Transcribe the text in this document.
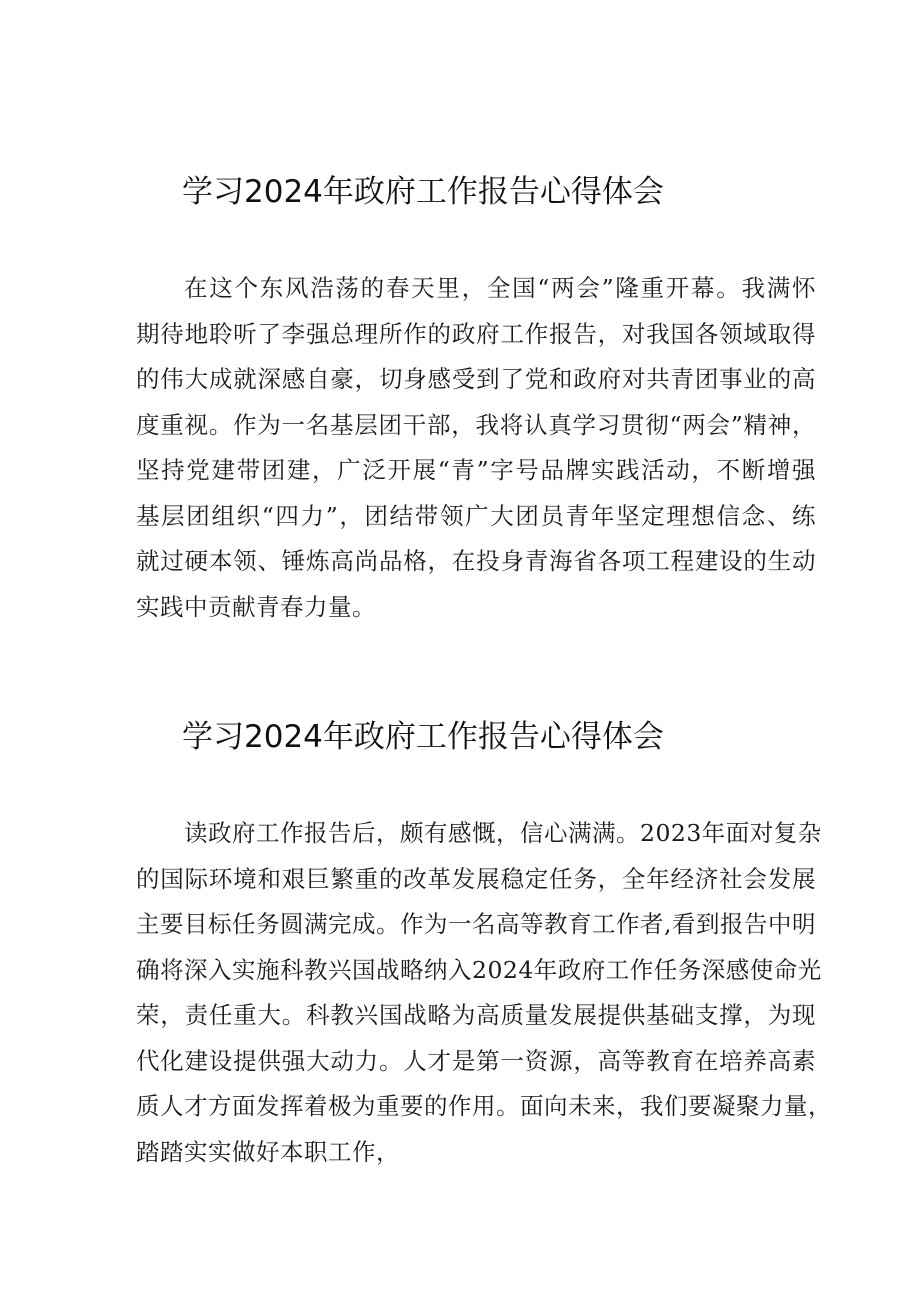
学习2024年政府工作报告心得体会
在这个东风浩荡的春天里，全国“两会”隆重开幕。我满怀
期待地聆听了李强总理所作的政府工作报告，对我国各领域取得
的伟大成就深感自豪，切身感受到了党和政府对共青团事业的高
度重视。作为一名基层团干部，我将认真学习贯彻“两会”精神，
坚持党建带团建，广泛开展“青”字号品牌实践活动，不断增强
基层团组织“四力”，团结带领广大团员青年坚定理想信念、练
就过硬本领、锤炼高尚品格，在投身青海省各项工程建设的生动
实践中贡献青春力量。
学习2024年政府工作报告心得体会
读政府工作报告后，颇有感慨，信心满满。2023年面对复杂
的国际环境和艰巨繁重的改革发展稳定任务，全年经济社会发展
主要目标任务圆满完成。作为一名高等教育工作者,看到报告中明
确将深入实施科教兴国战略纳入2024年政府工作任务深感使命光
荣，责任重大。科教兴国战略为高质量发展提供基础支撑，为现
代化建设提供强大动力。人才是第一资源，高等教育在培养高素
质人才方面发挥着极为重要的作用。面向未来，我们要凝聚力量，
踏踏实实做好本职工作，
